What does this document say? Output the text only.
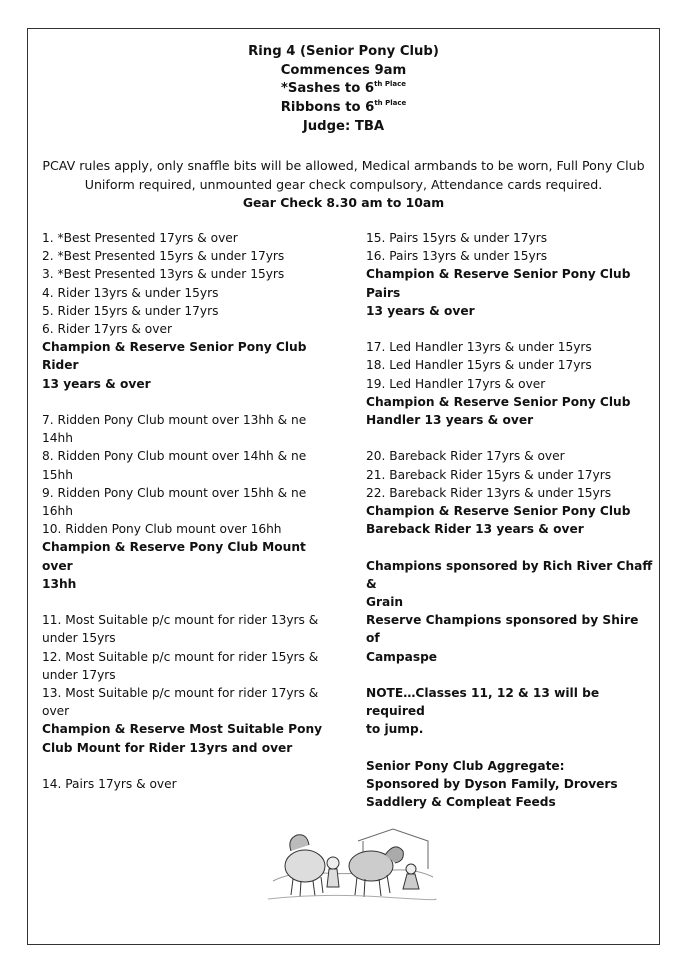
Ring 4 (Senior Pony Club)
Commences 9am
*Sashes to $6^{th Place}$
Ribbons to $6^{th Place}$
Judge: TBA
PCAV rules apply, only snaffle bits will be allowed, Medical armbands to be worn, Full Pony Club
Uniform required, unmounted gear check compulsory, Attendance cards required.
Gear Check 8.30 am to 10am
1. *Best Presented 17yrs & over
2. *Best Presented 15yrs & under 17yrs
3. *Best Presented 13yrs & under 15yrs
4. Rider 13yrs & under 15yrs
5. Rider 15yrs & under 17yrs
6. Rider 17yrs & over
Champion & Reserve Senior Pony Club Rider
13 years & over
7. Ridden Pony Club mount over 13hh & ne
14hh
8. Ridden Pony Club mount over 14hh & ne
15hh
9. Ridden Pony Club mount over 15hh & ne
16hh
10. Ridden Pony Club mount over 16hh
Champion & Reserve Pony Club Mount over
13hh
11. Most Suitable p/c mount for rider 13yrs &
under 15yrs
12. Most Suitable p/c mount for rider 15yrs &
under 17yrs
13. Most Suitable p/c mount for rider 17yrs &
over
Champion & Reserve Most Suitable Pony
Club Mount for Rider 13yrs and over
14. Pairs 17yrs & over
15. Pairs 15yrs & under 17yrs
16. Pairs 13yrs & under 15yrs
Champion & Reserve Senior Pony Club Pairs
13 years & over
17. Led Handler 13yrs & under 15yrs
18. Led Handler 15yrs & under 17yrs
19. Led Handler 17yrs & over
Champion & Reserve Senior Pony Club
Handler 13 years & over
20. Bareback Rider 17yrs & over
21. Bareback Rider 15yrs & under 17yrs
22. Bareback Rider 13yrs & under 15yrs
Champion & Reserve Senior Pony Club
Bareback Rider 13 years & over
Champions sponsored by Rich River Chaff &
Grain
Reserve Champions sponsored by Shire of
Campaspe
NOTE…Classes 11, 12 & 13 will be required
to jump.
Senior Pony Club Aggregate:
Sponsored by Dyson Family, Drovers
Saddlery & Compleat Feeds
